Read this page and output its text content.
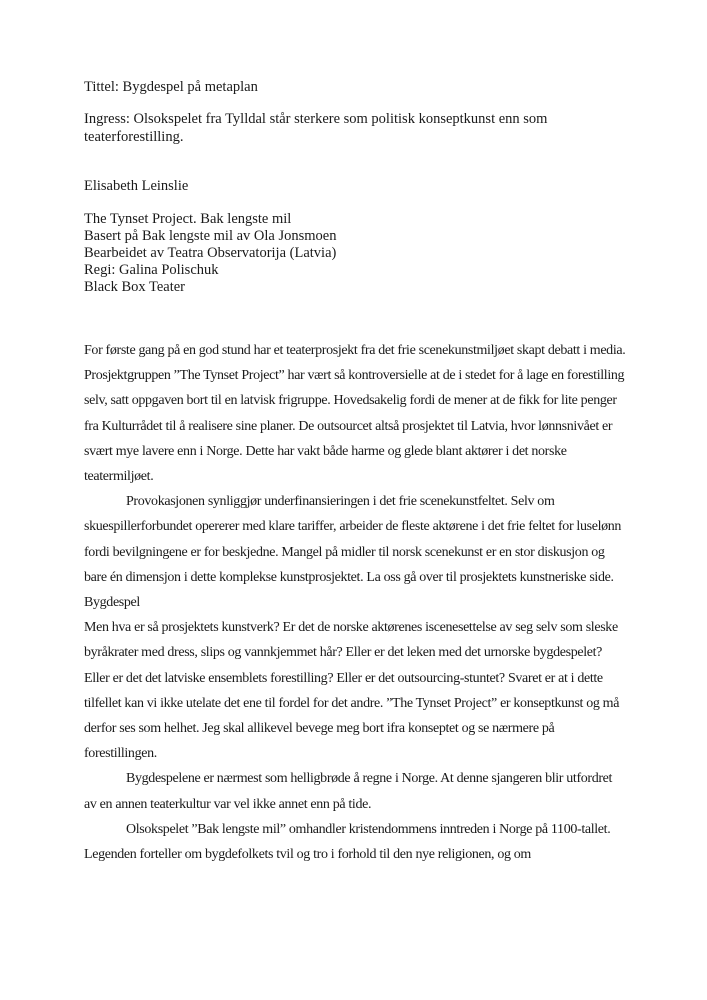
Tittel: Bygdespel på metaplan
Ingress: Olsokspelet fra Tylldal står sterkere som politisk konseptkunst enn som teaterforestilling.
Elisabeth Leinslie
The Tynset Project. Bak lengste mil
Basert på Bak lengste mil av Ola Jonsmoen
Bearbeidet av Teatra Observatorija (Latvia)
Regi: Galina Polischuk
Black Box Teater

For første gang på en god stund har et teaterprosjekt fra det frie scenekunstmiljøet skapt debatt i media. Prosjektgruppen ”The Tynset Project” har vært så kontroversielle at de i stedet for å lage en forestilling selv, satt oppgaven bort til en latvisk frigruppe. Hovedsakelig fordi de mener at de fikk for lite penger fra Kulturrådet til å realisere sine planer. De outsourcet altså prosjektet til Latvia, hvor lønnsnivået er svært mye lavere enn i Norge. Dette har vakt både harme og glede blant aktører i det norske teatermiljøet.

Provokasjonen synliggjør underfinansieringen i det frie scenekunstfeltet. Selv om skuespillerforbundet opererer med klare tariffer, arbeider de fleste aktørene i det frie feltet for luselønn fordi bevilgningene er for beskjedne. Mangel på midler til norsk scenekunst er en stor diskusjon og bare én dimensjon i dette komplekse kunstprosjektet. La oss gå over til prosjektets kunstneriske side.

Bygdespel

Men hva er så prosjektets kunstverk? Er det de norske aktørenes iscenesettelse av seg selv som sleske byråkrater med dress, slips og vannkjemmet hår? Eller er det leken med det urnorske bygdespelet? Eller er det det latviske ensemblets forestilling? Eller er det outsourcing-stuntet? Svaret er at i dette tilfellet kan vi ikke utelate det ene til fordel for det andre. ”The Tynset Project” er konseptkunst og må derfor ses som helhet. Jeg skal allikevel bevege meg bort ifra konseptet og se nærmere på forestillingen.

Bygdespelene er nærmest som helligbrøde å regne i Norge. At denne sjangeren blir utfordret av en annen teaterkultur var vel ikke annet enn på tide.

Olsokspelet ”Bak lengste mil” omhandler kristendommens inntreden i Norge på 1100-tallet. Legenden forteller om bygdefolkets tvil og tro i forhold til den nye religionen, og om
